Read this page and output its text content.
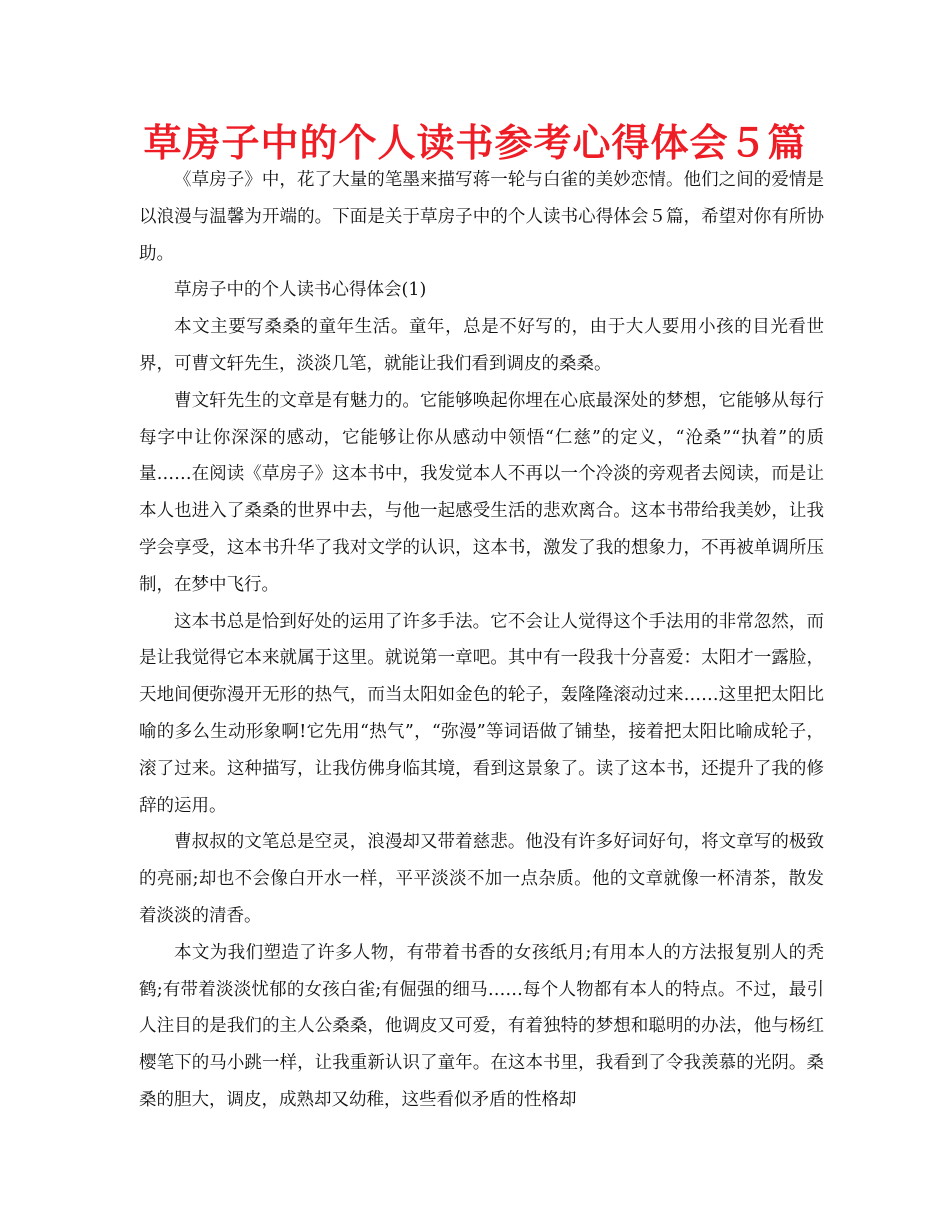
草房子中的个人读书参考心得体会５篇

《草房子》中，花了大量的笔墨来描写蒋一轮与白雀的美妙恋情。他们之间的爱情是以浪漫与温馨为开端的。下面是关于草房子中的个人读书心得体会５篇，希望对你有所协助。

草房子中的个人读书心得体会(1)

本文主要写桑桑的童年生活。童年，总是不好写的，由于大人要用小孩的目光看世界，可曹文轩先生，淡淡几笔，就能让我们看到调皮的桑桑。

曹文轩先生的文章是有魅力的。它能够唤起你埋在心底最深处的梦想，它能够从每行每字中让你深深的感动，它能够让你从感动中领悟“仁慈”的定义，“沧桑”“执着”的质量……在阅读《草房子》这本书中，我发觉本人不再以一个冷淡的旁观者去阅读，而是让本人也进入了桑桑的世界中去，与他一起感受生活的悲欢离合。这本书带给我美妙，让我学会享受，这本书升华了我对文学的认识，这本书，激发了我的想象力，不再被单调所压制，在梦中飞行。

这本书总是恰到好处的运用了许多手法。它不会让人觉得这个手法用的非常忽然，而是让我觉得它本来就属于这里。就说第一章吧。其中有一段我十分喜爱：太阳才一露脸，天地间便弥漫开无形的热气，而当太阳如金色的轮子，轰隆隆滚动过来……这里把太阳比喻的多么生动形象啊!它先用“热气”，“弥漫”等词语做了铺垫，接着把太阳比喻成轮子，滚了过来。这种描写，让我仿佛身临其境，看到这景象了。读了这本书，还提升了我的修辞的运用。

曹叔叔的文笔总是空灵，浪漫却又带着慈悲。他没有许多好词好句，将文章写的极致的亮丽;却也不会像白开水一样，平平淡淡不加一点杂质。他的文章就像一杯清茶，散发着淡淡的清香。

本文为我们塑造了许多人物，有带着书香的女孩纸月;有用本人的方法报复别人的秃鹤;有带着淡淡忧郁的女孩白雀;有倔强的细马……每个人物都有本人的特点。不过，最引人注目的是我们的主人公桑桑，他调皮又可爱，有着独特的梦想和聪明的办法，他与杨红樱笔下的马小跳一样，让我重新认识了童年。在这本书里，我看到了令我羡慕的光阴。桑桑的胆大，调皮，成熟却又幼稚，这些看似矛盾的性格却
